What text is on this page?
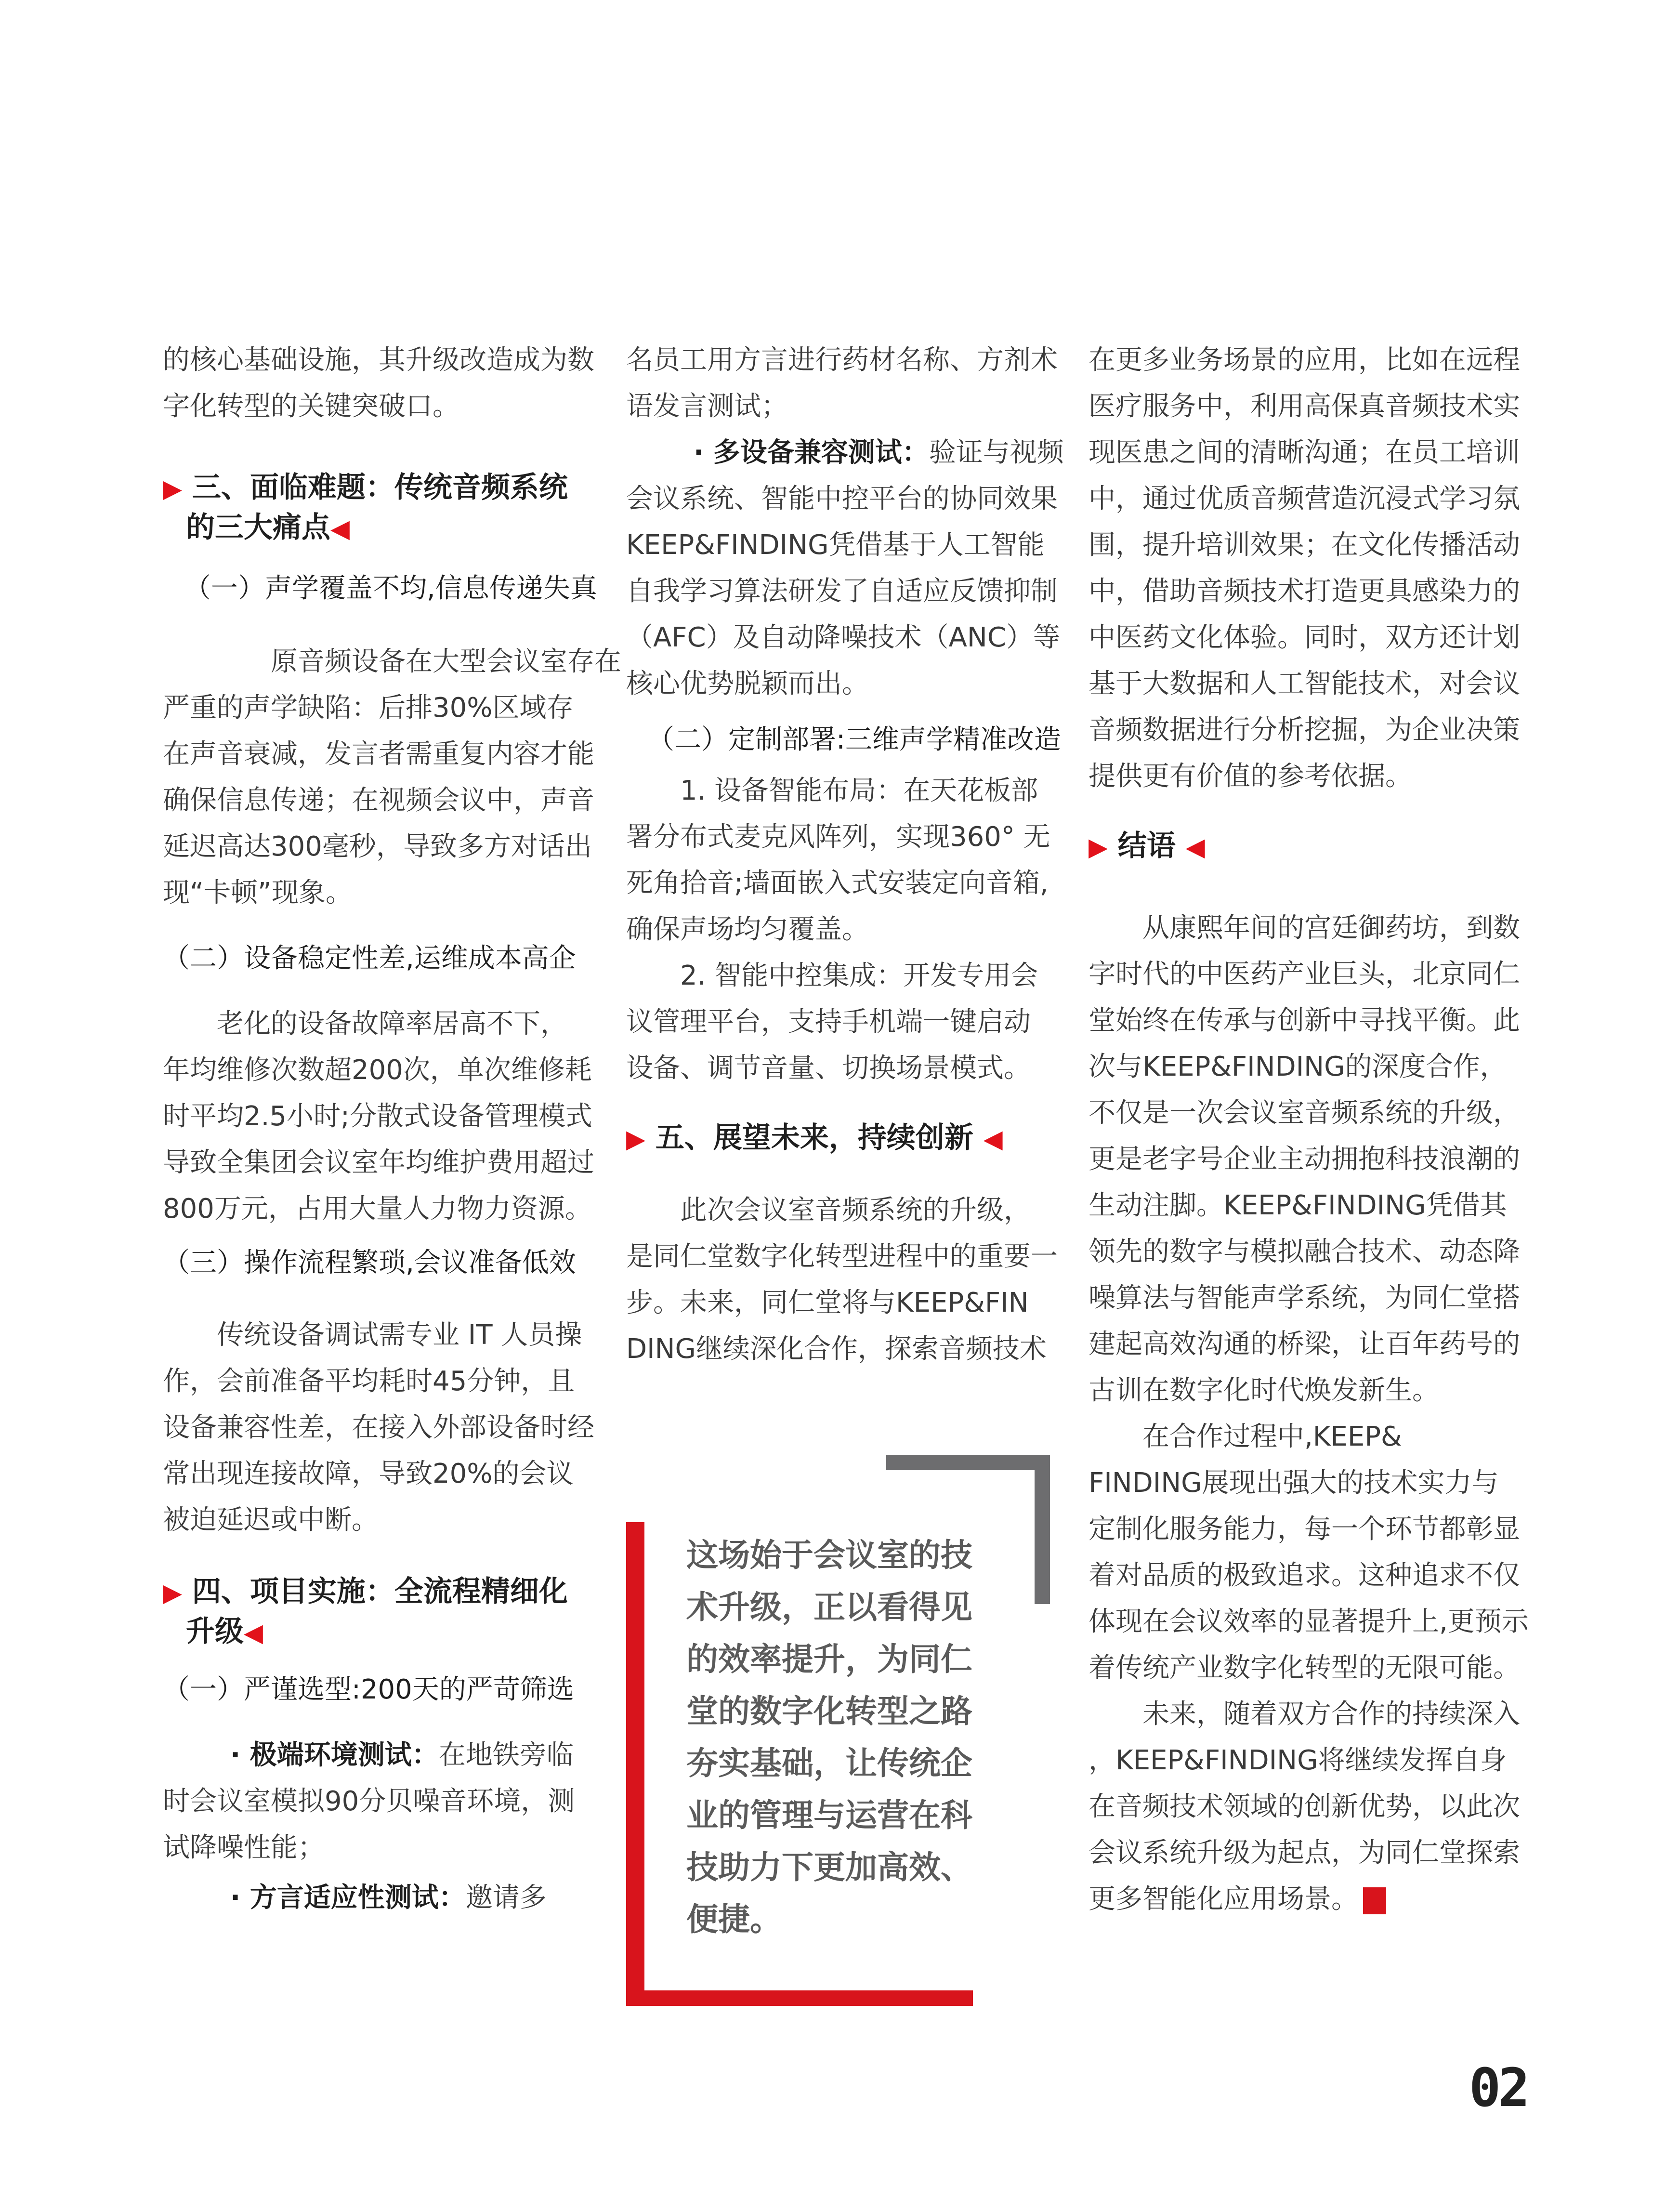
的核心基础设施，其升级改造成为数
字化转型的关键突破口。

▶ 三、面临难题：传统音频系统
的三大痛点◀

（一）声学覆盖不均,信息传递失真

原音频设备在大型会议室存在
严重的声学缺陷：后排30%区域存
在声音衰减，发言者需重复内容才能
确保信息传递；在视频会议中，声音
延迟高达300毫秒，导致多方对话出
现“卡顿”现象。

（二）设备稳定性差,运维成本高企

老化的设备故障率居高不下，
年均维修次数超200次，单次维修耗
时平均2.5小时;分散式设备管理模式
导致全集团会议室年均维护费用超过
800万元，占用大量人力物力资源。

（三）操作流程繁琐,会议准备低效

传统设备调试需专业 IT 人员操
作，会前准备平均耗时45分钟，且
设备兼容性差，在接入外部设备时经
常出现连接故障，导致20%的会议
被迫延迟或中断。

▶ 四、项目实施：全流程精细化
升级◀

（一）严谨选型:200天的严苛筛选

· 极端环境测试：在地铁旁临
时会议室模拟90分贝噪音环境，测
试降噪性能；

· 方言适应性测试：邀请多

名员工用方言进行药材名称、方剂术
语发言测试；

· 多设备兼容测试：验证与视频
会议系统、智能中控平台的协同效果
KEEP&FINDING凭借基于人工智能
自我学习算法研发了自适应反馈抑制
（AFC）及自动降噪技术（ANC）等
核心优势脱颖而出。

（二）定制部署:三维声学精准改造

1. 设备智能布局：在天花板部
署分布式麦克风阵列，实现360° 无
死角拾音;墙面嵌入式安装定向音箱,
确保声场均匀覆盖。

2. 智能中控集成：开发专用会
议管理平台，支持手机端一键启动
设备、调节音量、切换场景模式。

▶ 五、展望未来，持续创新 ◀

此次会议室音频系统的升级，
是同仁堂数字化转型进程中的重要一
步。未来，同仁堂将与KEEP&FIN
DING继续深化合作，探索音频技术

这场始于会议室的技
术升级，正以看得见
的效率提升，为同仁
堂的数字化转型之路
夯实基础，让传统企
业的管理与运营在科
技助力下更加高效、
便捷。

在更多业务场景的应用，比如在远程
医疗服务中，利用高保真音频技术实
现医患之间的清晰沟通；在员工培训
中，通过优质音频营造沉浸式学习氛
围，提升培训效果；在文化传播活动
中，借助音频技术打造更具感染力的
中医药文化体验。同时，双方还计划
基于大数据和人工智能技术，对会议
音频数据进行分析挖掘，为企业决策
提供更有价值的参考依据。

▶ 结语 ◀

从康熙年间的宫廷御药坊，到数
字时代的中医药产业巨头，北京同仁
堂始终在传承与创新中寻找平衡。此
次与KEEP&FINDING的深度合作，
不仅是一次会议室音频系统的升级，
更是老字号企业主动拥抱科技浪潮的
生动注脚。KEEP&FINDING凭借其
领先的数字与模拟融合技术、动态降
噪算法与智能声学系统，为同仁堂搭
建起高效沟通的桥梁，让百年药号的
古训在数字化时代焕发新生。

在合作过程中,KEEP&
FINDING展现出强大的技术实力与
定制化服务能力，每一个环节都彰显
着对品质的极致追求。这种追求不仅
体现在会议效率的显著提升上,更预示
着传统产业数字化转型的无限可能。

未来，随着双方合作的持续深入
，KEEP&FINDING将继续发挥自身
在音频技术领域的创新优势，以此次
会议系统升级为起点，为同仁堂探索
更多智能化应用场景。

02
